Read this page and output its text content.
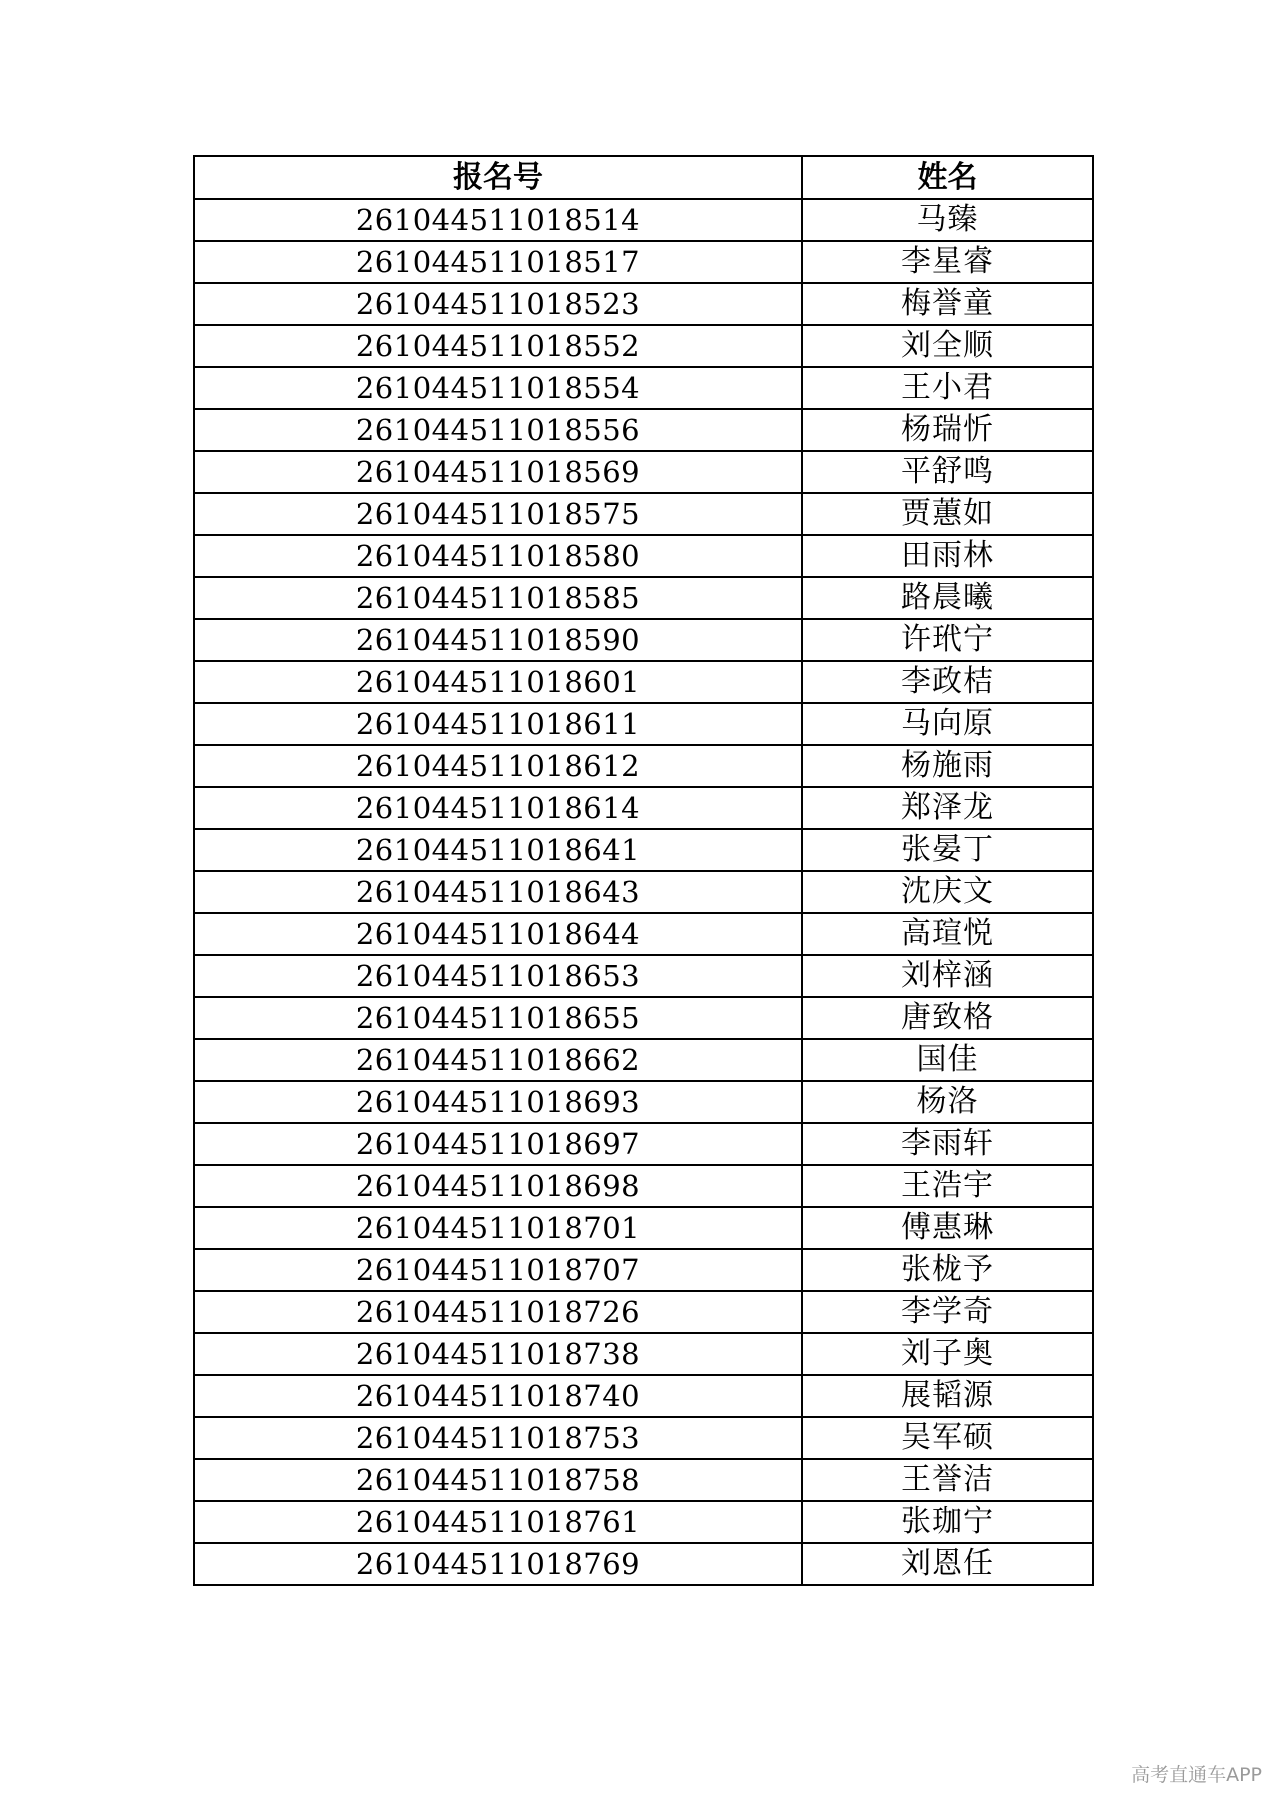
报名号	姓名
261044511018514	马臻
261044511018517	李星睿
261044511018523	梅誉童
261044511018552	刘全顺
261044511018554	王小君
261044511018556	杨瑞忻
261044511018569	平舒鸣
261044511018575	贾蕙如
261044511018580	田雨林
261044511018585	路晨曦
261044511018590	许玳宁
261044511018601	李政桔
261044511018611	马向原
261044511018612	杨施雨
261044511018614	郑泽龙
261044511018641	张晏丁
261044511018643	沈庆文
261044511018644	高瑄悦
261044511018653	刘梓涵
261044511018655	唐致格
261044511018662	国佳
261044511018693	杨洛
261044511018697	李雨轩
261044511018698	王浩宇
261044511018701	傅惠琳
261044511018707	张栊予
261044511018726	李学奇
261044511018738	刘子奥
261044511018740	展韬源
261044511018753	吴军硕
261044511018758	王誉洁
261044511018761	张珈宁
261044511018769	刘恩任
高考直通车APP
